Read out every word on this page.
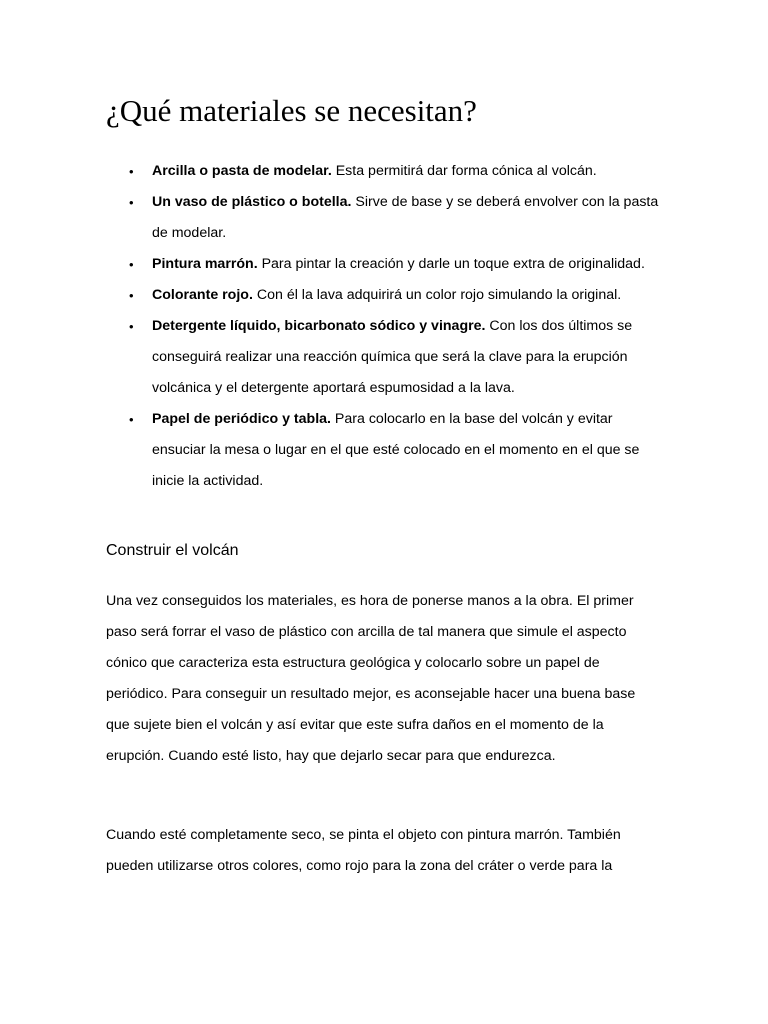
¿Qué materiales se necesitan?
• Arcilla o pasta de modelar. Esta permitirá dar forma cónica al volcán.
• Un vaso de plástico o botella. Sirve de base y se deberá envolver con la pasta de modelar.
• Pintura marrón. Para pintar la creación y darle un toque extra de originalidad.
• Colorante rojo. Con él la lava adquirirá un color rojo simulando la original.
• Detergente líquido, bicarbonato sódico y vinagre. Con los dos últimos se conseguirá realizar una reacción química que será la clave para la erupción volcánica y el detergente aportará espumosidad a la lava.
• Papel de periódico y tabla. Para colocarlo en la base del volcán y evitar ensuciar la mesa o lugar en el que esté colocado en el momento en el que se inicie la actividad.
Construir el volcán

Una vez conseguidos los materiales, es hora de ponerse manos a la obra. El primer paso será forrar el vaso de plástico con arcilla de tal manera que simule el aspecto cónico que caracteriza esta estructura geológica y colocarlo sobre un papel de periódico. Para conseguir un resultado mejor, es aconsejable hacer una buena base que sujete bien el volcán y así evitar que este sufra daños en el momento de la erupción. Cuando esté listo, hay que dejarlo secar para que endurezca.

Cuando esté completamente seco, se pinta el objeto con pintura marrón. También pueden utilizarse otros colores, como rojo para la zona del cráter o verde para la
